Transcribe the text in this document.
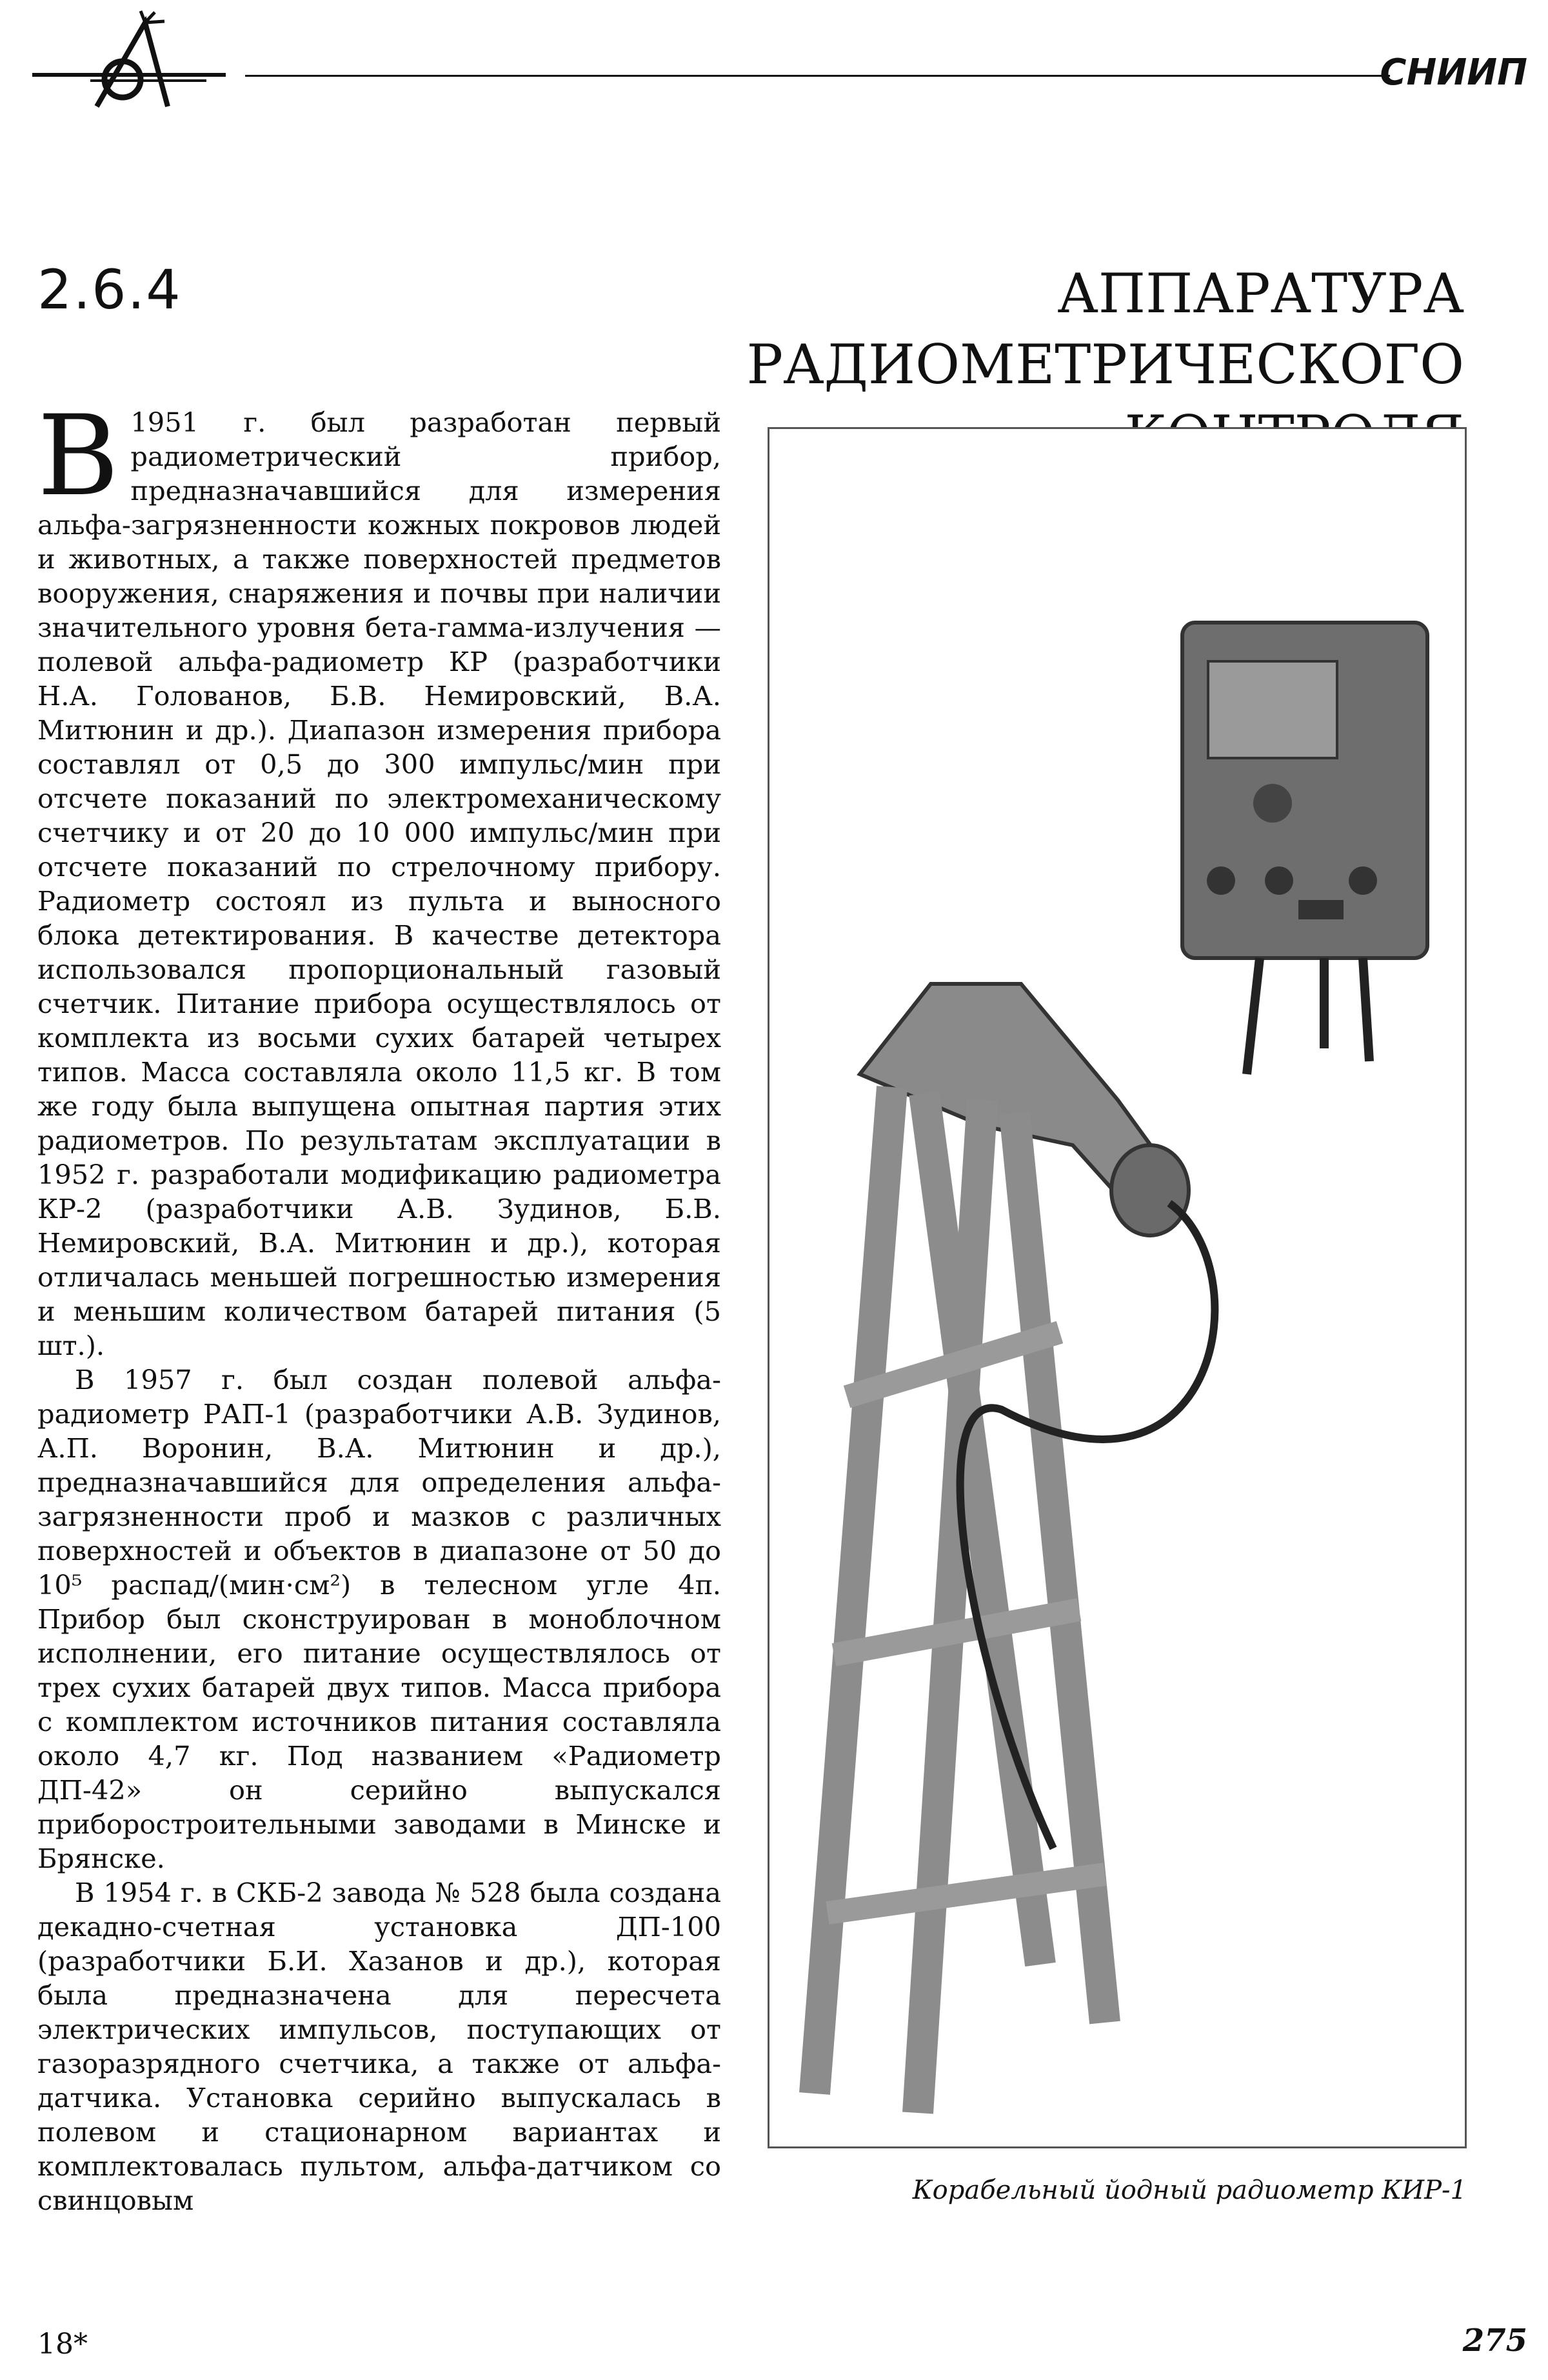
СНИИП
2.6.4	АППАРАТУРА РАДИОМЕТРИЧЕСКОГО

В 1951 г. был разработан первый радиометрический прибор, предназначавшийся для измерения альфа-загрязненности кожных покровов людей и животных, а также поверхностей предметов вооружения, снаряжения и почвы при наличии значительного уровня бета-гамма-излучения — полевой альфа-радиометр КР (разработчики Н.А. Голованов, Б.В. Немировский, В.А. Митюнин и др.). Диапазон измерения прибора составлял от 0,5 до 300 импульс/мин при отсчете показаний по электромеханическому счетчику и от 20 до 10 000 импульс/мин при отсчете показаний по стрелочному прибору. Радиометр состоял из пульта и выносного блока детектирования. В качестве детектора использовался пропорциональный газовый счетчик. Питание прибора осуществлялось от комплекта из восьми сухих батарей четырех типов. Масса составляла около 11,5 кг. В том же году была выпущена опытная партия этих радиометров. По результатам эксплуатации в 1952 г. разработали модификацию радиометра КР-2 (разработчики А.В. Зудинов, Б.В. Немировский, В.А. Митюнин и др.), которая отличалась меньшей погрешностью измерения и меньшим количеством батарей питания (5 шт.).

В 1957 г. был создан полевой альфа-радиометр РАП-1 (разработчики А.В. Зудинов, А.П. Воронин, В.А. Митюнин и др.), предназначавшийся для определения альфа-загрязненности проб и мазков с различных поверхностей и объектов в диапазоне от 50 до 10⁵ распад/(мин·см²) в телесном угле 4π. Прибор был сконструирован в моноблочном исполнении, его питание осуществлялось от трех сухих батарей двух типов. Масса прибора с комплектом источников питания составляла около 4,7 кг. Под названием «Радиометр ДП-42» он серийно выпускался приборостроительными заводами в Минске и Брянске.

В 1954 г. в СКБ-2 завода № 528 была создана декадно-счетная установка ДП-100 (разработчики Б.И. Хазанов и др.), которая была предназначена для пересчета электрических импульсов, поступающих от газоразрядного счетчика, а также от альфа-датчика. Установка серийно выпускалась в полевом и стационарном вариантах и комплектовалась пультом, альфа-датчиком со свинцовым	Корабельный йодный радиометр КИР-1
18*	275
